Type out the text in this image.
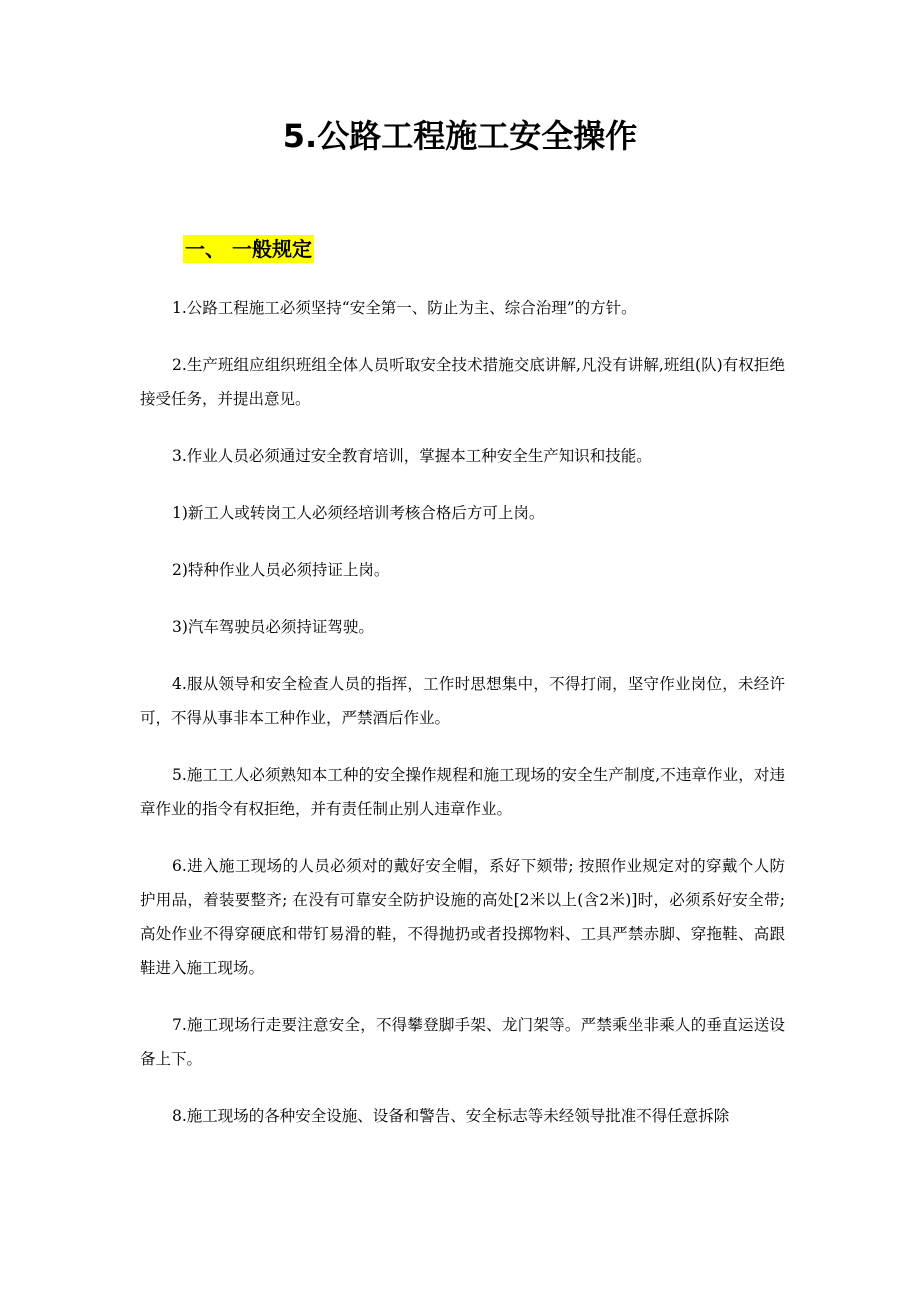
5.公路工程施工安全操作
一、 一般规定

1.公路工程施工必须坚持“安全第一、防止为主、综合治理”的方针。

2.生产班组应组织班组全体人员听取安全技术措施交底讲解,凡没有讲解,班组(队)有权拒绝接受任务，并提出意见。

3.作业人员必须通过安全教育培训，掌握本工种安全生产知识和技能。

1)新工人或转岗工人必须经培训考核合格后方可上岗。

2)特种作业人员必须持证上岗。

3)汽车驾驶员必须持证驾驶。

4.服从领导和安全检查人员的指挥，工作时思想集中，不得打闹，坚守作业岗位，未经许可，不得从事非本工种作业，严禁酒后作业。

5.施工工人必须熟知本工种的安全操作规程和施工现场的安全生产制度,不违章作业，对违章作业的指令有权拒绝，并有责任制止别人违章作业。

6.进入施工现场的人员必须对的戴好安全帽，系好下颏带; 按照作业规定对的穿戴个人防护用品，着装要整齐; 在没有可靠安全防护设施的高处[2米以上(含2米)]时，必须系好安全带; 高处作业不得穿硬底和带钉易滑的鞋，不得抛扔或者投掷物料、工具严禁赤脚、穿拖鞋、高跟鞋进入施工现场。

7.施工现场行走要注意安全，不得攀登脚手架、龙门架等。严禁乘坐非乘人的垂直运送设备上下。

8.施工现场的各种安全设施、设备和警告、安全标志等未经领导批准不得任意拆除
